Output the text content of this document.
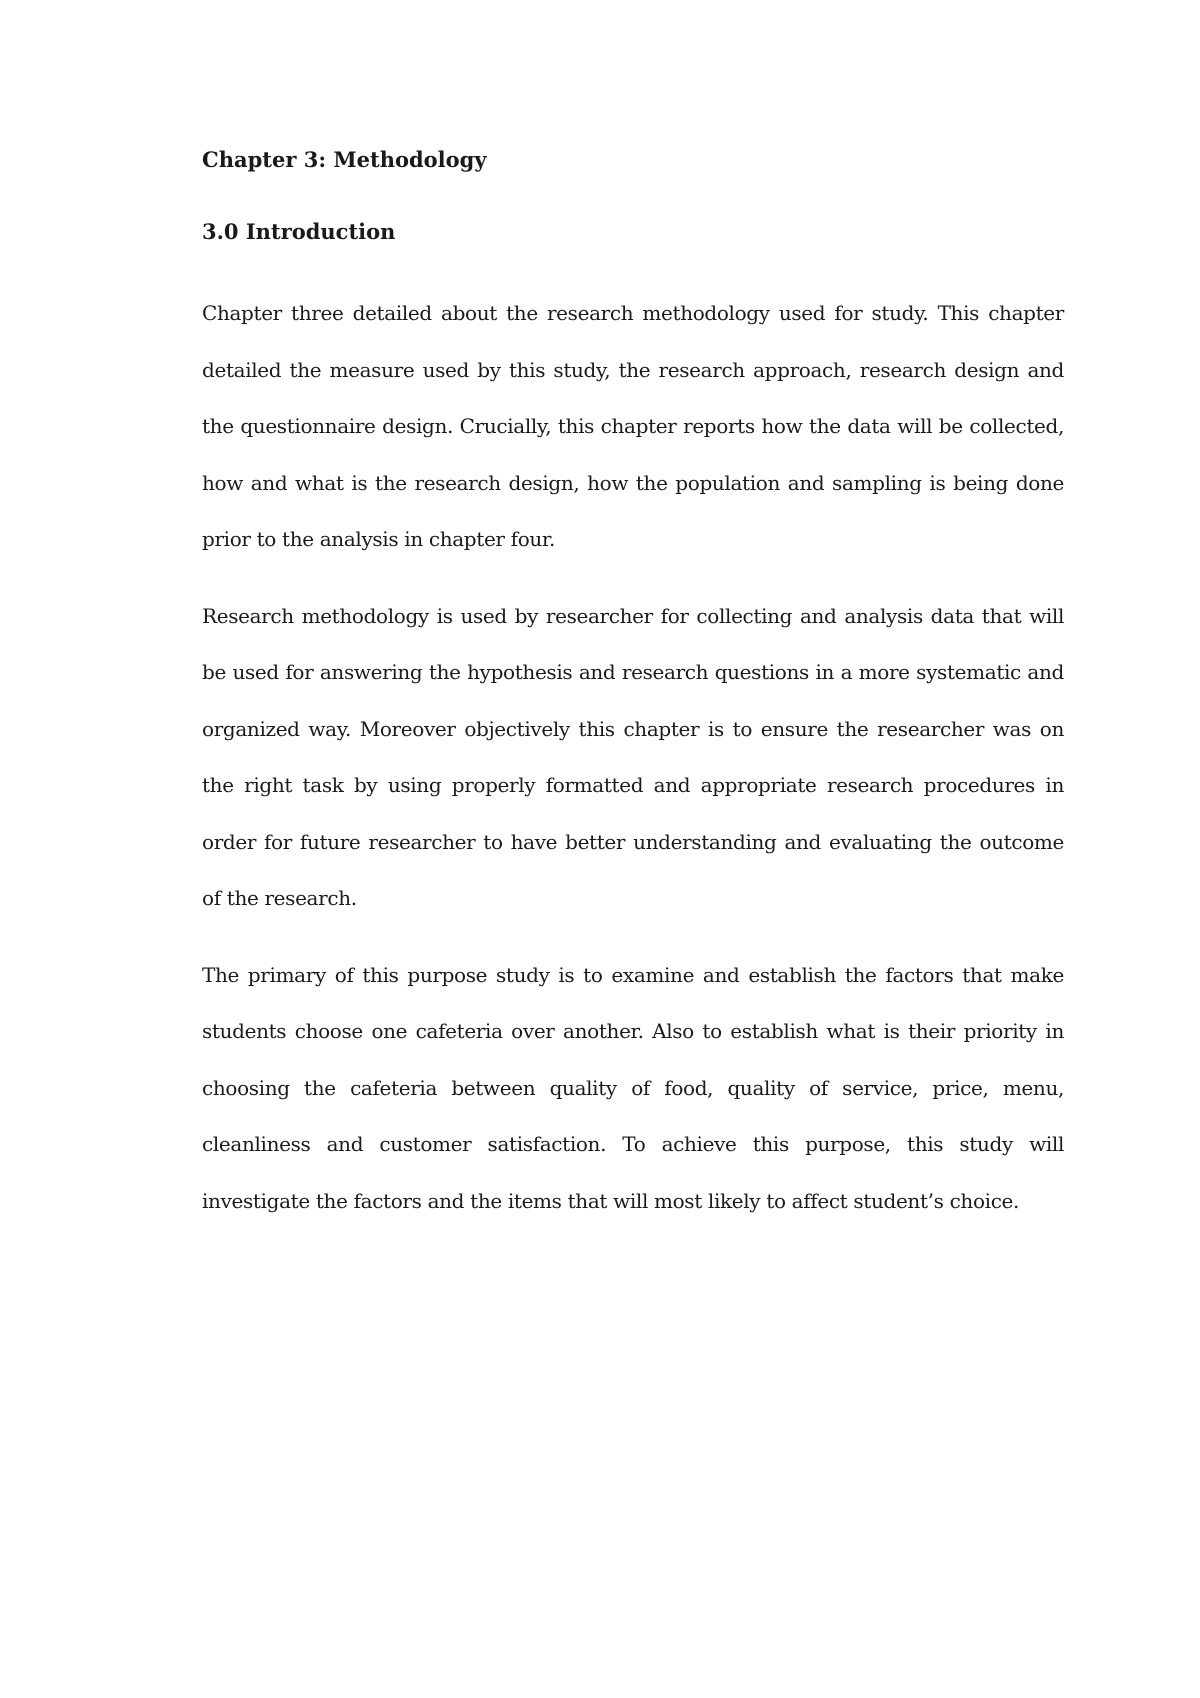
Chapter 3: Methodology
3.0 Introduction

Chapter three detailed about the research methodology used for study. This chapter detailed the measure used by this study, the research approach, research design and the questionnaire design. Crucially, this chapter reports how the data will be collected, how and what is the research design, how the population and sampling is being done prior to the analysis in chapter four.

Research methodology is used by researcher for collecting and analysis data that will be used for answering the hypothesis and research questions in a more systematic and organized way. Moreover objectively this chapter is to ensure the researcher was on the right task by using properly formatted and appropriate research procedures in order for future researcher to have better understanding and evaluating the outcome of the research.

The primary of this purpose study is to examine and establish the factors that make students choose one cafeteria over another. Also to establish what is their priority in choosing the cafeteria between quality of food, quality of service, price, menu, cleanliness and customer satisfaction. To achieve this purpose, this study will investigate the factors and the items that will most likely to affect student’s choice.
